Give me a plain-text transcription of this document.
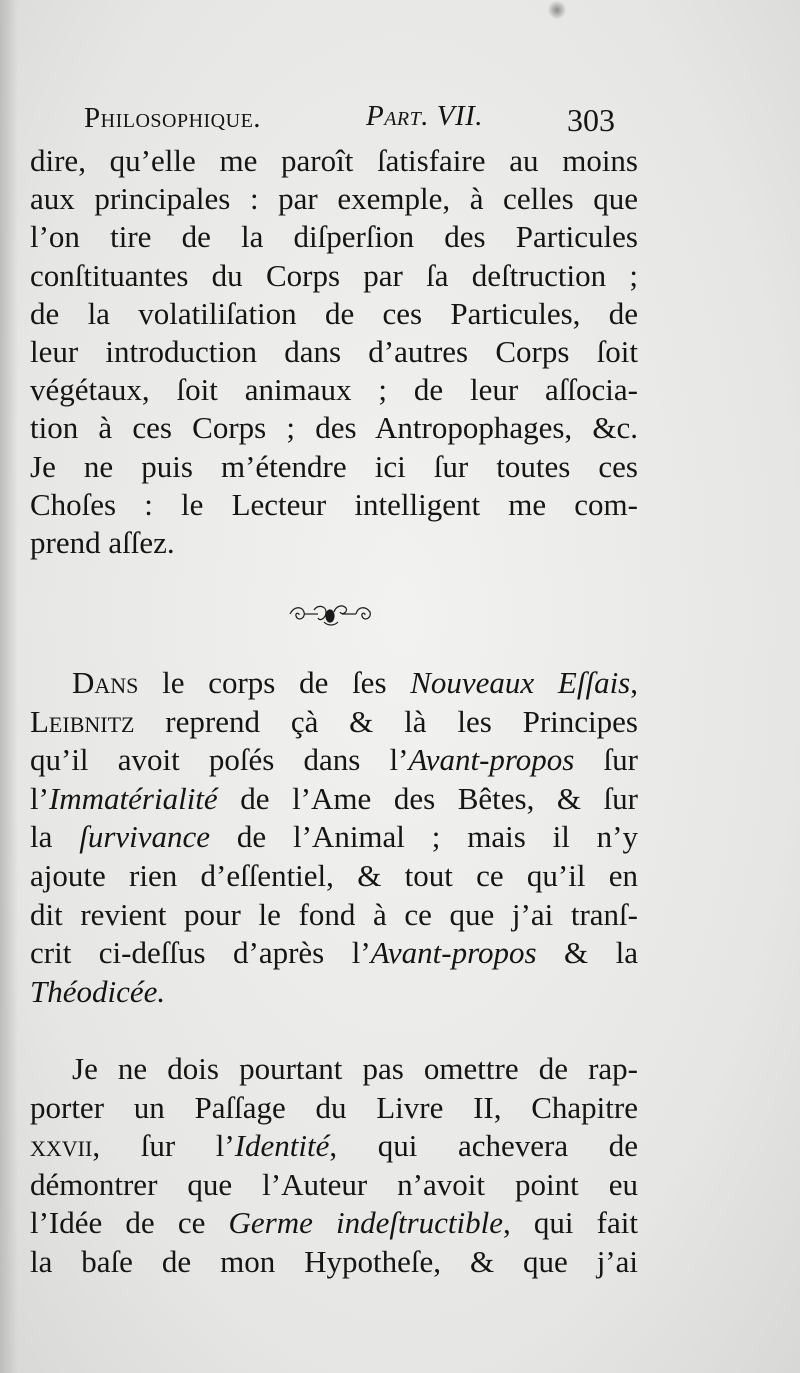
Philosophique.	Part. VII.	303
dire, qu’elle me paroît ſatisfaire au moins
aux principales : par exemple, à celles que
l’on tire de la diſperſion des Particules
conſtituantes du Corps par ſa deſtruction ;
de la volatiliſation de ces Particules, de
leur introduction dans d’autres Corps ſoit
végétaux, ſoit animaux ; de leur aſſocia-
tion à ces Corps ; des Antropophages, &c.
Je ne puis m’étendre ici ſur toutes ces
Choſes : le Lecteur intelligent me com-
prend aſſez.
Dans le corps de ſes Nouveaux Eſſais,
Leibnitz reprend çà & là les Principes
qu’il avoit poſés dans l’Avant-propos ſur
l’Immatérialité de l’Ame des Bêtes, & ſur
la ſurvivance de l’Animal ; mais il n’y
ajoute rien d’eſſentiel, & tout ce qu’il en
dit revient pour le fond à ce que j’ai tranſ-
crit ci-deſſus d’après l’Avant-propos & la
Théodicée.
Je ne dois pourtant pas omettre de rap-
porter un Paſſage du Livre II, Chapitre
xxvii, ſur l’Identité, qui achevera de
démontrer que l’Auteur n’avoit point eu
l’Idée de ce Germe indeſtructible, qui fait
la baſe de mon Hypotheſe, & que j’ai
